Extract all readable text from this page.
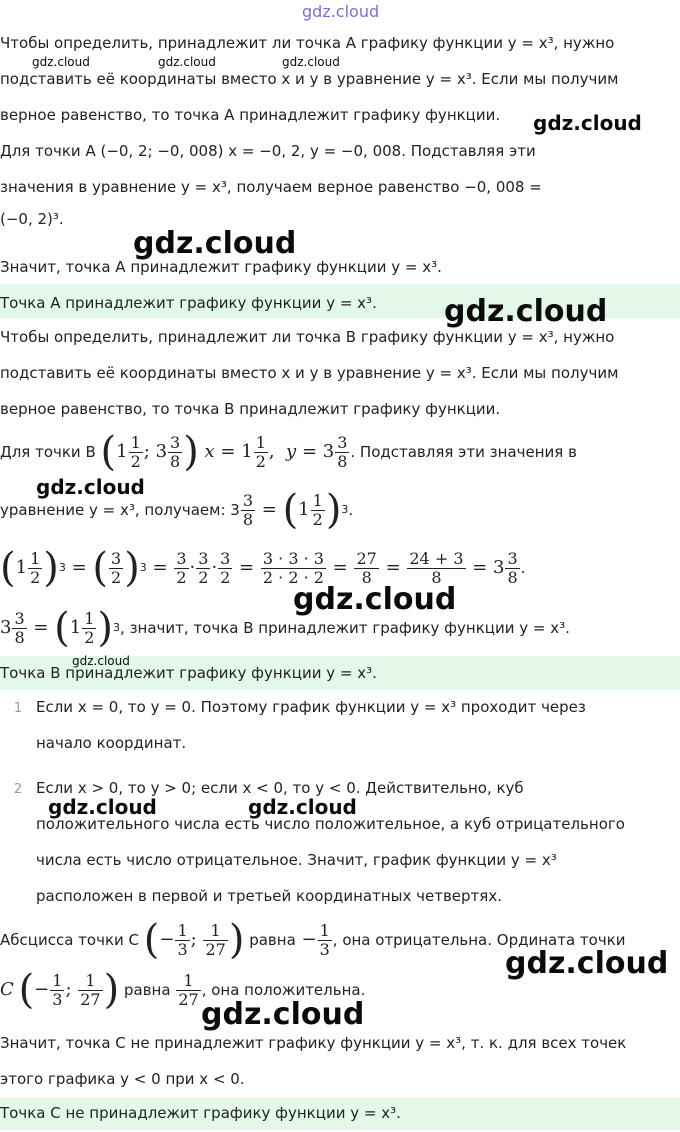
gdz.cloud
gdz.cloud	gdz.cloud	gdz.cloud
gdz.cloud
gdz.cloud
gdz.cloud
gdz.cloud
gdz.cloud
gdz.cloud
gdz.cloud	gdz.cloud
gdz.cloud
gdz.cloud
Чтобы определить, принадлежит ли точка A графику функции y = x³, нужно
подставить её координаты вместо x и y в уравнение y = x³. Если мы получим
верное равенство, то точка A принадлежит графику функции.
Для точки A (−0, 2; −0, 008) x = −0, 2, y = −0, 008. Подставляя эти
значения в уравнение y = x³, получаем верное равенство −0, 008 =
(−0, 2)³.
Значит, точка A принадлежит графику функции y = x³.
Точка A принадлежит графику функции y = x³.
Чтобы определить, принадлежит ли точка B графику функции y = x³, нужно
подставить её координаты вместо x и y в уравнение y = x³. Если мы получим
верное равенство, то точка B принадлежит графику функции.
Для точки B
( $1 \frac{1}{2}$ ; $3 \frac{3}{8}$ ) $x = 1 \frac{1}{2}$ , $y = 3 \frac{3}{8}$ . Подставляя эти значения в
уравнение y = x³, получаем: $3 \frac{3}{8}$ = ( $1 \frac{1}{2}$ ) 3 .
( $1 \frac{1}{2}$ ) 3 = ( $\frac{3}{2}$ ) $3 = \frac{3}{2} \cdot \frac{3}{2} \cdot \frac{3}{2} = \frac{3 \cdot 3 \cdot 3}{2 \cdot 2 \cdot 2} = \frac{27}{8} = \frac{24 + 3}{8} = 3 \frac{3}{8}$ .
$3 \frac{3}{8}$ = ( $1 \frac{1}{2}$ ) 3 , значит, точка B принадлежит графику функции y = x³.
Точка B принадлежит графику функции y = x³.
1 Если x = 0, то y = 0. Поэтому график функции y = x³ проходит через
начало координат.
2 Если x > 0, то y > 0; если x < 0, то y < 0. Действительно, куб
положительного числа есть число положительное, а куб отрицательного
числа есть число отрицательное. Значит, график функции y = x³
расположен в первой и третьей координатных четвертях.
Абсцисса точки C
( − $\frac{1}{3}$ ; $\frac{1}{27}$ )
равна − $\frac{1}{3}$ , она отрицательна. Ордината точки
C
( − $\frac{1}{3}$ ; $\frac{1}{27}$ )
равна
$\frac{1}{27}$ , она положительна.
Значит, точка C не принадлежит графику функции y = x³, т. к. для всех точек
этого графика y < 0 при x < 0.
Точка C не принадлежит графику функции y = x³.
